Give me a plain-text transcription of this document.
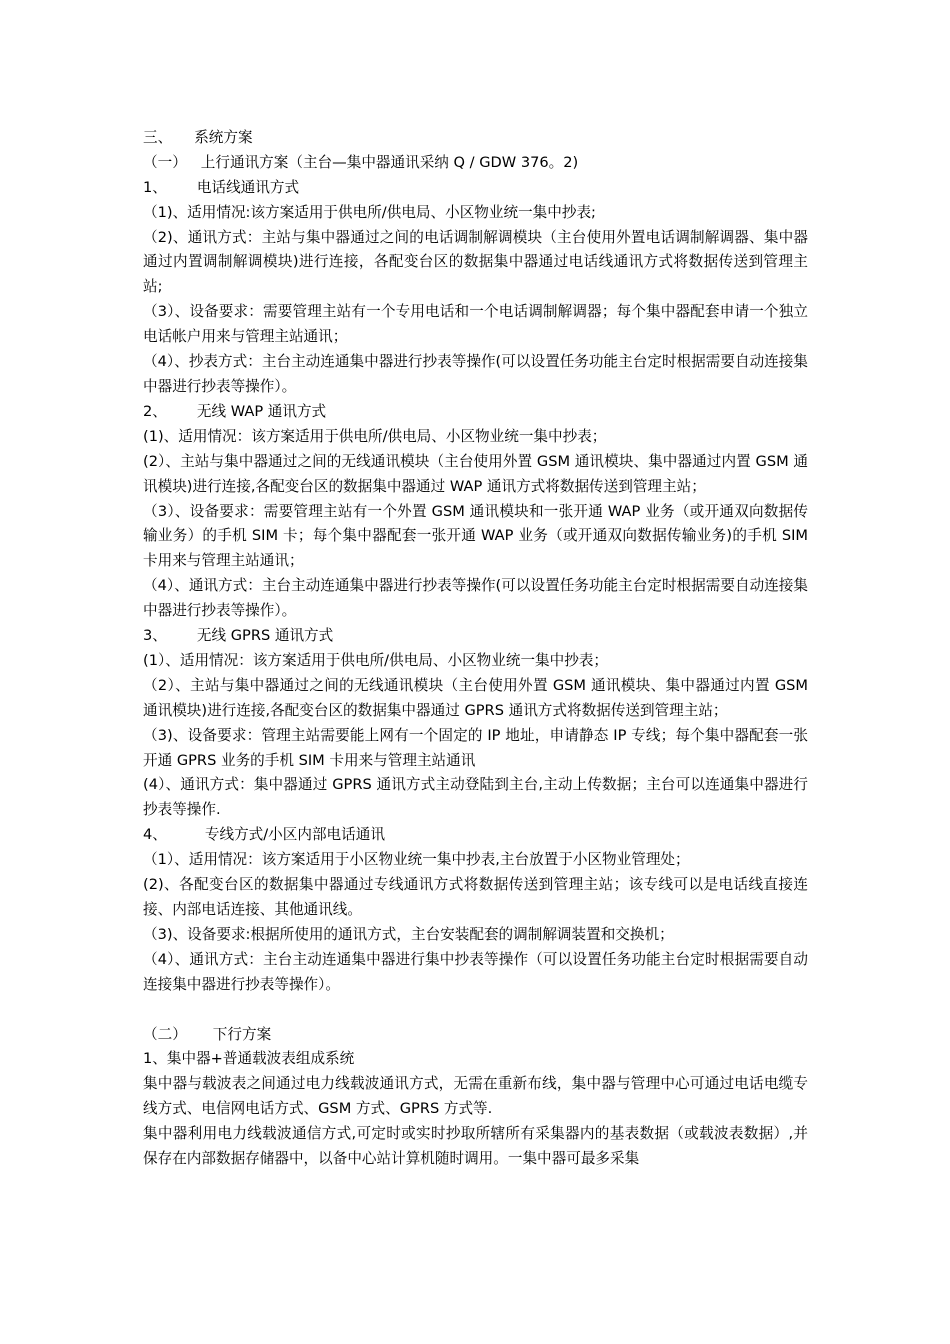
三、 系统方案
（一） 上行通讯方案（主台—集中器通讯采纳 Q / GDW 376。2)
1、 电话线通讯方式

（1)、适用情况:该方案适用于供电所/供电局、小区物业统一集中抄表;

（2)、通讯方式：主站与集中器通过之间的电话调制解调模块（主台使用外置电话调制解调器、集中器通过内置调制解调模块)进行连接，各配变台区的数据集中器通过电话线通讯方式将数据传送到管理主站;

（3）、设备要求：需要管理主站有一个专用电话和一个电话调制解调器；每个集中器配套申请一个独立电话帐户用来与管理主站通讯；

（4）、抄表方式：主台主动连通集中器进行抄表等操作(可以设置任务功能主台定时根据需要自动连接集中器进行抄表等操作）。

2、 无线 WAP 通讯方式

(1)、适用情况：该方案适用于供电所/供电局、小区物业统一集中抄表；

(2）、主站与集中器通过之间的无线通讯模块（主台使用外置 GSM 通讯模块、集中器通过内置 GSM 通讯模块)进行连接,各配变台区的数据集中器通过 WAP 通讯方式将数据传送到管理主站；

（3）、设备要求：需要管理主站有一个外置 GSM 通讯模块和一张开通 WAP 业务（或开通双向数据传输业务）的手机 SIM 卡；每个集中器配套一张开通 WAP 业务（或开通双向数据传输业务)的手机 SIM 卡用来与管理主站通讯；

（4）、通讯方式：主台主动连通集中器进行抄表等操作(可以设置任务功能主台定时根据需要自动连接集中器进行抄表等操作）。

3、 无线 GPRS 通讯方式

(1）、适用情况：该方案适用于供电所/供电局、小区物业统一集中抄表；

（2）、主站与集中器通过之间的无线通讯模块（主台使用外置 GSM 通讯模块、集中器通过内置 GSM 通讯模块)进行连接,各配变台区的数据集中器通过 GPRS 通讯方式将数据传送到管理主站；

（3)、设备要求：管理主站需要能上网有一个固定的 IP 地址，申请静态 IP 专线；每个集中器配套一张开通 GPRS 业务的手机 SIM 卡用来与管理主站通讯

(4）、通讯方式：集中器通过 GPRS 通讯方式主动登陆到主台,主动上传数据；主台可以连通集中器进行抄表等操作.

4、	专线方式/小区内部电话通讯

（1）、适用情况：该方案适用于小区物业统一集中抄表,主台放置于小区物业管理处；

(2)、各配变台区的数据集中器通过专线通讯方式将数据传送到管理主站；该专线可以是电话线直接连接、内部电话连接、其他通讯线。

（3)、设备要求:根据所使用的通讯方式，主台安装配套的调制解调装置和交换机；

（4）、通讯方式：主台主动连通集中器进行集中抄表等操作（可以设置任务功能主台定时根据需要自动连接集中器进行抄表等操作）。

（二） 下行方案
1、集中器+普通载波表组成系统

集中器与载波表之间通过电力线载波通讯方式，无需在重新布线，集中器与管理中心可通过电话电缆专线方式、电信网电话方式、GSM 方式、GPRS 方式等.

集中器利用电力线载波通信方式,可定时或实时抄取所辖所有采集器内的基表数据（或载波表数据）,并保存在内部数据存储器中，以备中心站计算机随时调用。一集中器可最多采集
